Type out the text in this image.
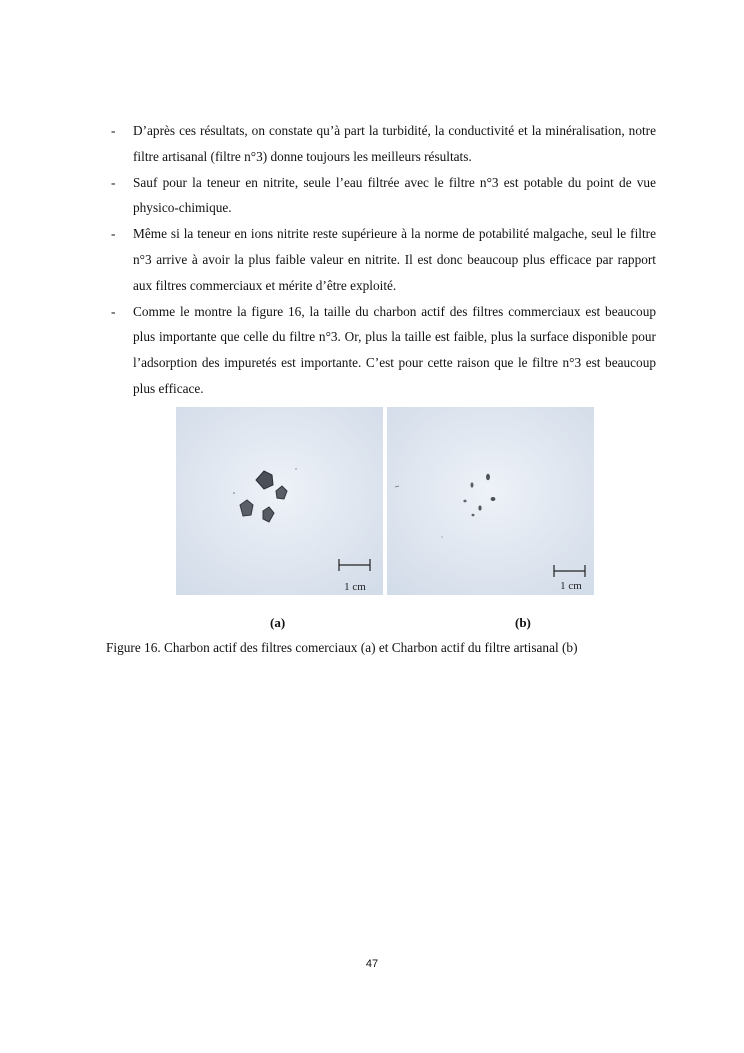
- D’après ces résultats, on constate qu’à part la turbidité, la conductivité et la minéralisation, notre filtre artisanal (filtre n°3) donne toujours les meilleurs résultats.
- Sauf pour la teneur en nitrite, seule l’eau filtrée avec le filtre n°3 est potable du point de vue physico-chimique.
- Même si la teneur en ions nitrite reste supérieure à la norme de potabilité malgache, seul le filtre n°3 arrive à avoir la plus faible valeur en nitrite. Il est donc beaucoup plus efficace par rapport aux filtres commerciaux et mérite d’être exploité.
- Comme le montre la figure 16, la taille du charbon actif des filtres commerciaux est beaucoup plus importante que celle du filtre n°3. Or, plus la taille est faible, plus la surface disponible pour l’adsorption des impuretés est importante. C’est pour cette raison que le filtre n°3 est beaucoup plus efficace.
1 cm	1 cm
(a)	(b)
Figure 16. Charbon actif des filtres comerciaux (a) et Charbon actif du filtre artisanal (b)
47
